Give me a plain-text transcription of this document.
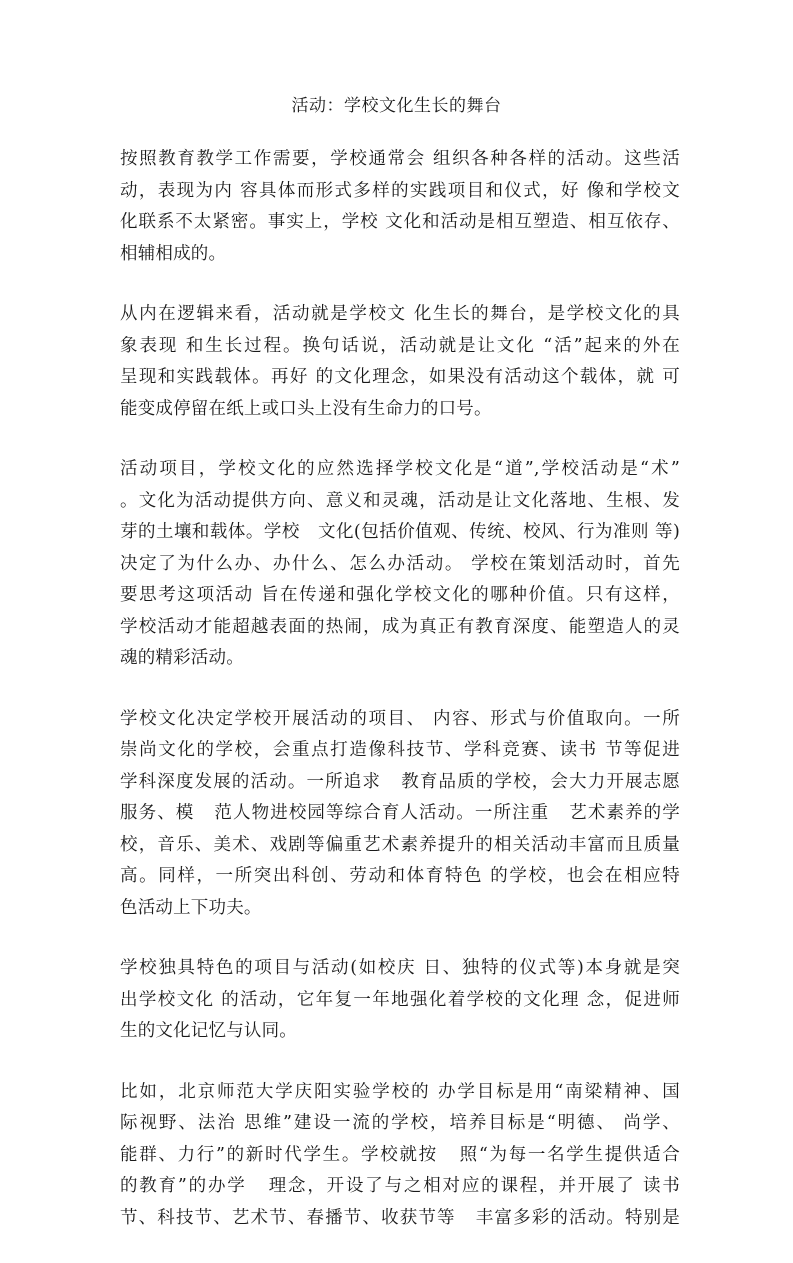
活动：学校文化生长的舞台
按照教育教学工作需要，学校通常会 组织各种各样的活动。这些活
动，表现为内 容具体而形式多样的实践项目和仪式，好 像和学校文
化联系不太紧密。事实上，学校 文化和活动是相互塑造、相互依存、
相辅相成的。
从内在逻辑来看，活动就是学校文 化生长的舞台，是学校文化的具
象表现 和生长过程。换句话说，活动就是让文化 “活”起来的外在
呈现和实践载体。再好 的文化理念，如果没有活动这个载体，就 可
能变成停留在纸上或口头上没有生命力的口号。
活动项目，学校文化的应然选择学校文化是“道”,学校活动是“术”
。文化为活动提供方向、意义和灵魂，活动是让文化落地、生根、发
芽的土壤和载体。学校   文化(包括价值观、传统、校风、行为准则 等)
决定了为什么办、办什么、怎么办活动。 学校在策划活动时，首先
要思考这项活动 旨在传递和强化学校文化的哪种价值。只有这样，
学校活动才能超越表面的热闹，成为真正有教育深度、能塑造人的灵
魂的精彩活动。
学校文化决定学校开展活动的项目、 内容、形式与价值取向。一所
崇尚文化的学校，会重点打造像科技节、学科竞赛、读书 节等促进
学科深度发展的活动。一所追求   教育品质的学校，会大力开展志愿
服务、模   范人物进校园等综合育人活动。一所注重   艺术素养的学
校，音乐、美术、戏剧等偏重艺术素养提升的相关活动丰富而且质量
高。同样，一所突出科创、劳动和体育特色 的学校，也会在相应特
色活动上下功夫。
学校独具特色的项目与活动(如校庆 日、独特的仪式等)本身就是突
出学校文化 的活动，它年复一年地强化着学校的文化理 念，促进师
生的文化记忆与认同。
比如，北京师范大学庆阳实验学校的 办学目标是用“南梁精神、国
际视野、法治 思维”建设一流的学校，培养目标是“明德、 尚学、
能群、力行”的新时代学生。学校就按   照“为每一名学生提供适合
的教育”的办学   理念，开设了与之相对应的课程，并开展了 读书
节、科技节、艺术节、春播节、收获节等   丰富多彩的活动。特别是
